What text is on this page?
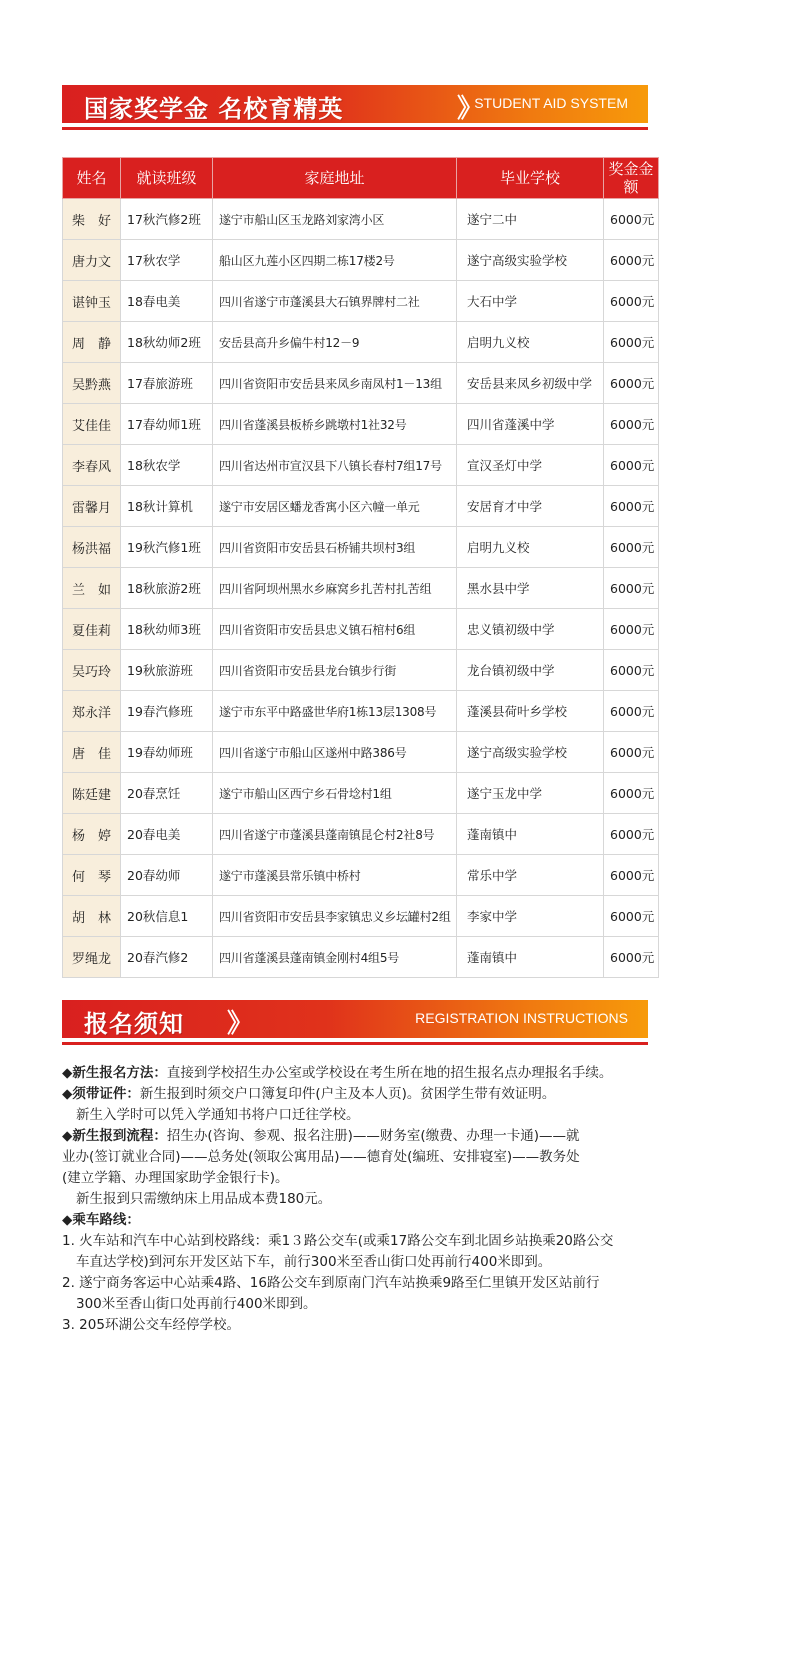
国家奖学金 名校育精英	》
STUDENT AID SYSTEM
姓名	就读班级	家庭地址	毕业学校	奖金金额
柴　好	17秋汽修2班	遂宁市船山区玉龙路刘家湾小区	遂宁二中	6000元
唐力文	17秋农学	船山区九莲小区四期二栋17楼2号	遂宁高级实验学校	6000元
谌钟玉	18春电美	四川省遂宁市蓬溪县大石镇界牌村二社	大石中学	6000元
周　静	18秋幼师2班	安岳县高升乡偏牛村12－9	启明九义校	6000元
吴黔燕	17春旅游班	四川省资阳市安岳县来凤乡南凤村1－13组	安岳县来凤乡初级中学	6000元
艾佳佳	17春幼师1班	四川省蓬溪县板桥乡跳墩村1社32号	四川省蓬溪中学	6000元
李春风	18秋农学	四川省达州市宣汉县下八镇长春村7组17号	宣汉圣灯中学	6000元
雷馨月	18秋计算机	遂宁市安居区蟠龙香寓小区六幢一单元	安居育才中学	6000元
杨洪福	19秋汽修1班	四川省资阳市安岳县石桥铺共坝村3组	启明九义校	6000元
兰　如	18秋旅游2班	四川省阿坝州黑水乡麻窝乡扎苦村扎苦组	黑水县中学	6000元
夏佳莉	18秋幼师3班	四川省资阳市安岳县忠义镇石棺村6组	忠义镇初级中学	6000元
吴巧玲	19秋旅游班	四川省资阳市安岳县龙台镇步行街	龙台镇初级中学	6000元
郑永洋	19春汽修班	遂宁市东平中路盛世华府1栋13层1308号	蓬溪县荷叶乡学校	6000元
唐　佳	19春幼师班	四川省遂宁市船山区遂州中路386号	遂宁高级实验学校	6000元
陈廷建	20春烹饪	遂宁市船山区西宁乡石骨埝村1组	遂宁玉龙中学	6000元
杨　婷	20春电美	四川省遂宁市蓬溪县蓬南镇昆仑村2社8号	蓬南镇中	6000元
何　琴	20春幼师	遂宁市蓬溪县常乐镇中桥村	常乐中学	6000元
胡　林	20秋信息1	四川省资阳市安岳县李家镇忠义乡坛罐村2组	李家中学	6000元
罗绳龙	20春汽修2	四川省蓬溪县蓬南镇金刚村4组5号	蓬南镇中	6000元
报名须知 》	REGISTRATION INSTRUCTIONS
◆新生报名方法：直接到学校招生办公室或学校设在考生所在地的招生报名点办理报名手续。
◆须带证件：新生报到时须交户口簿复印件(户主及本人页)。贫困学生带有效证明。
新生入学时可以凭入学通知书将户口迁往学校。
◆新生报到流程：招生办(咨询、参观、报名注册)——财务室(缴费、办理一卡通)——就
业办(签订就业合同)——总务处(领取公寓用品)——德育处(编班、安排寝室)——教务处
(建立学籍、办理国家助学金银行卡)。
新生报到只需缴纳床上用品成本费180元。
◆乘车路线：
1. 火车站和汽车中心站到校路线：乘1３路公交车(或乘17路公交车到北固乡站换乘20路公交
车直达学校)到河东开发区站下车，前行300米至香山街口处再前行400米即到。
2. 遂宁商务客运中心站乘4路、16路公交车到原南门汽车站换乘9路至仁里镇开发区站前行
300米至香山街口处再前行400米即到。
3. 205环湖公交车经停学校。
